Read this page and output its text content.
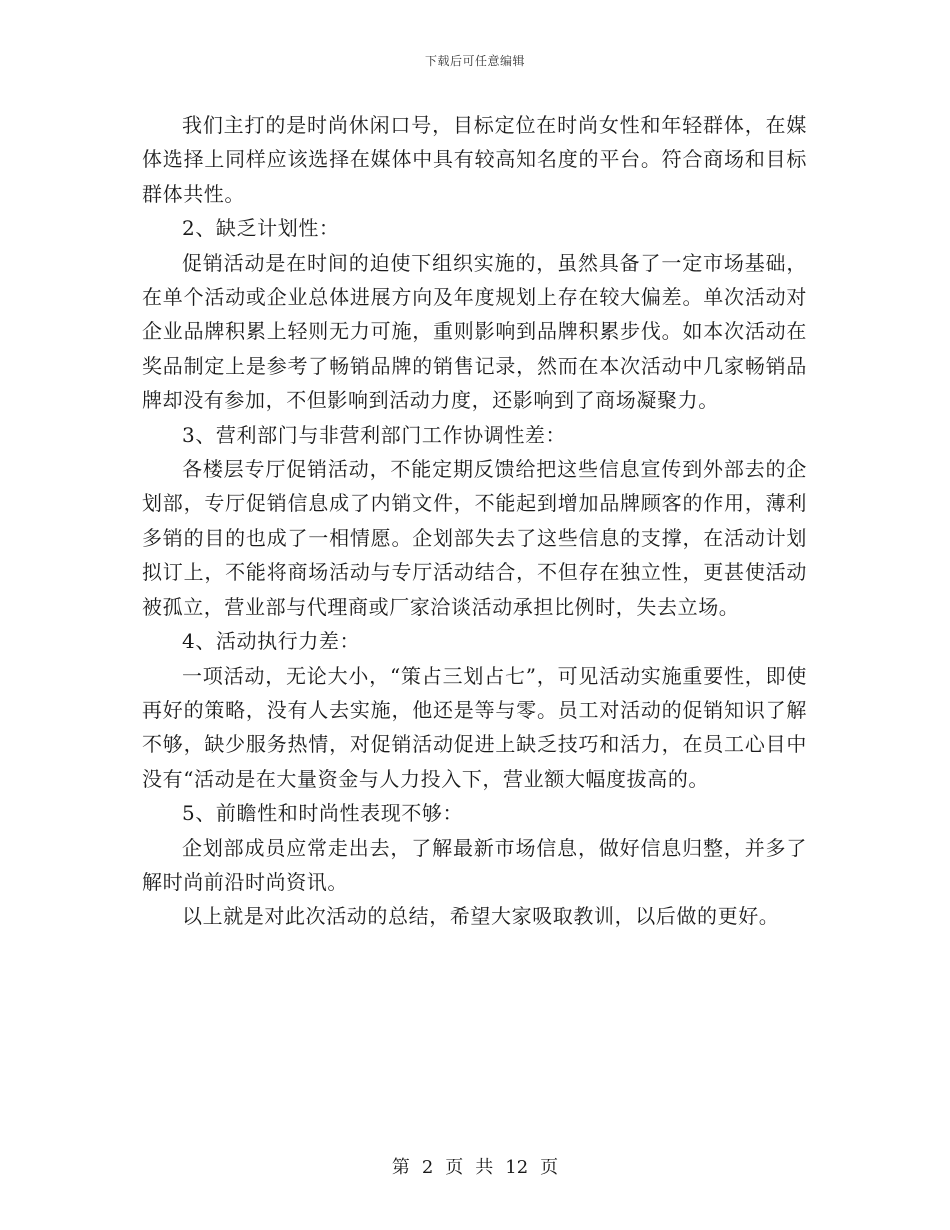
下载后可任意编辑

我们主打的是时尚休闲口号，目标定位在时尚女性和年轻群体，在媒体选择上同样应该选择在媒体中具有较高知名度的平台。符合商场和目标群体共性。

2、缺乏计划性：

促销活动是在时间的迫使下组织实施的，虽然具备了一定市场基础，在单个活动或企业总体进展方向及年度规划上存在较大偏差。单次活动对企业品牌积累上轻则无力可施，重则影响到品牌积累步伐。如本次活动在奖品制定上是参考了畅销品牌的销售记录，然而在本次活动中几家畅销品牌却没有参加，不但影响到活动力度，还影响到了商场凝聚力。

3、营利部门与非营利部门工作协调性差：

各楼层专厅促销活动，不能定期反馈给把这些信息宣传到外部去的企划部，专厅促销信息成了内销文件，不能起到增加品牌顾客的作用，薄利多销的目的也成了一相情愿。企划部失去了这些信息的支撑，在活动计划拟订上，不能将商场活动与专厅活动结合，不但存在独立性，更甚使活动被孤立，营业部与代理商或厂家洽谈活动承担比例时，失去立场。

4、活动执行力差：

一项活动，无论大小，“策占三划占七”，可见活动实施重要性，即使再好的策略，没有人去实施，他还是等与零。员工对活动的促销知识了解不够，缺少服务热情，对促销活动促进上缺乏技巧和活力，在员工心目中没有“活动是在大量资金与人力投入下，营业额大幅度拔高的。

5、前瞻性和时尚性表现不够：

企划部成员应常走出去，了解最新市场信息，做好信息归整，并多了解时尚前沿时尚资讯。

以上就是对此次活动的总结，希望大家吸取教训，以后做的更好。

第 2 页 共 12 页
